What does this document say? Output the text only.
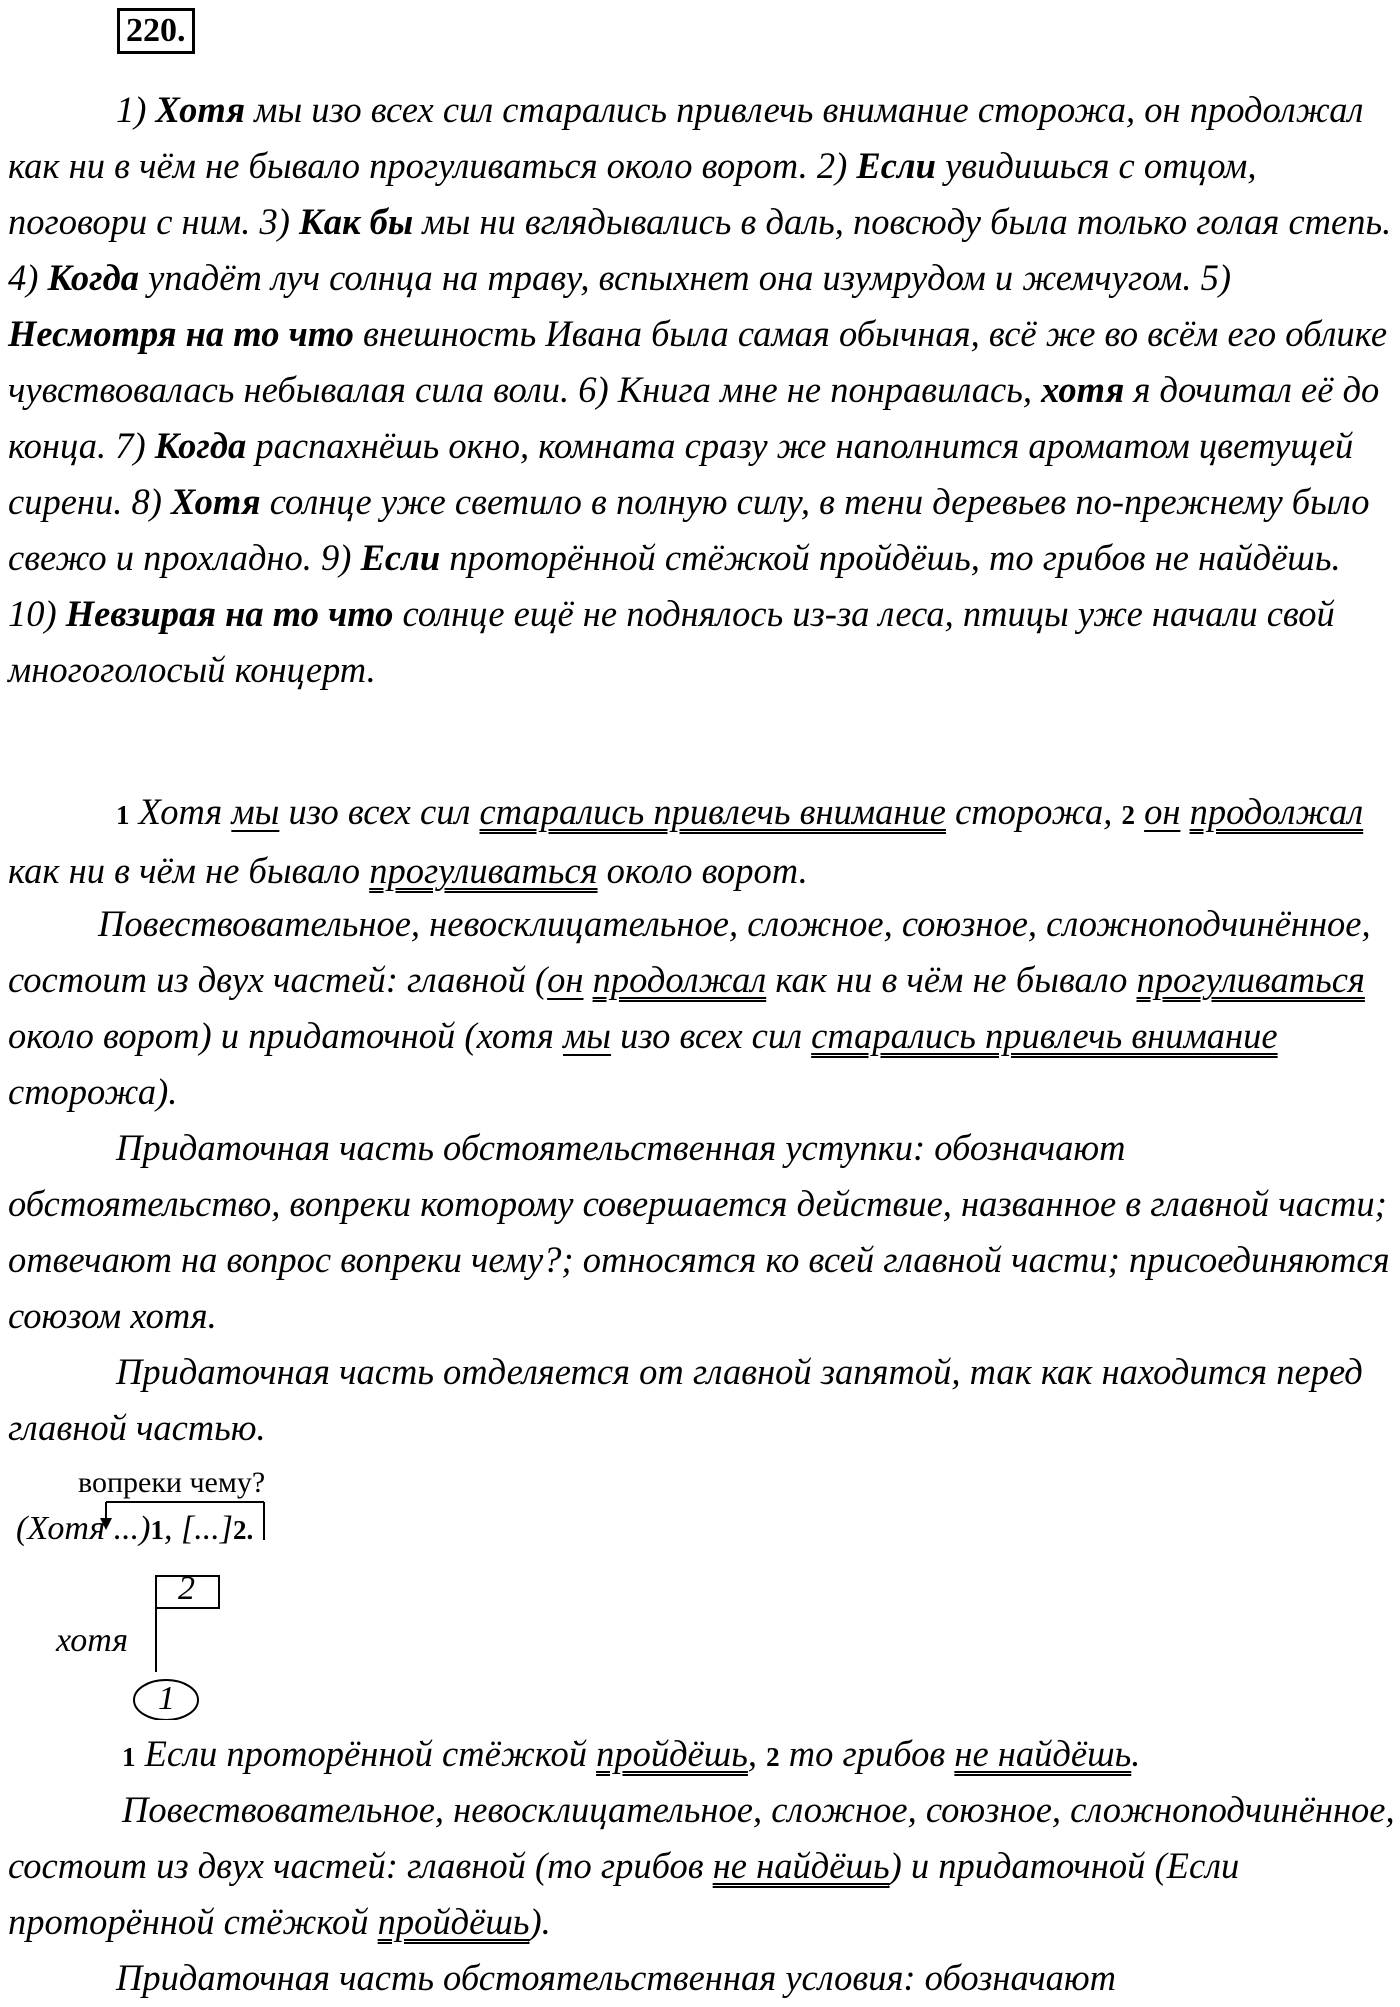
220.
1) Хотя мы изо всех сил старались привлечь внимание сторожа, он продолжал как ни в чём не бывало прогуливаться около ворот. 2) Если увидишься с отцом, поговори с ним. 3) Как бы мы ни вглядывались в даль, повсюду была только голая степь. 4) Когда упадёт луч солнца на траву, вспыхнет она изумрудом и жемчугом. 5) Несмотря на то что внешность Ивана была самая обычная, всё же во всём его облике чувствовалась небывалая сила воли. 6) Книга мне не понравилась, хотя я дочитал её до конца. 7) Когда распахнёшь окно, комната сразу же наполнится ароматом цветущей сирени. 8) Хотя солнце уже светило в полную силу, в тени деревьев по-прежнему было свежо и прохладно. 9) Если проторённой стёжкой пройдёшь, то грибов не найдёшь. 10) Невзирая на то что солнце ещё не поднялось из-за леса, птицы уже начали свой многоголосый концерт.
1 Хотя мы изо всех сил старались привлечь внимание сторожа, 2 он продолжал как ни в чём не бывало прогуливаться около ворот.
Повествовательное, невосклицательное, сложное, союзное, сложноподчинённое, состоит из двух частей: главной (он продолжал как ни в чём не бывало прогуливаться около ворот) и придаточной (хотя мы изо всех сил старались привлечь внимание сторожа).
Придаточная часть обстоятельственная уступки: обозначают обстоятельство, вопреки которому совершается действие, названное в главной части; отвечают на вопрос вопреки чему?; относятся ко всей главной части; присоединяются союзом хотя.
Придаточная часть отделяется от главной запятой, так как находится перед главной частью.
вопреки чему?
(Хотя ...)1, [...]2.
2
хотя
1
1 Если проторённой стёжкой пройдёшь, 2 то грибов не найдёшь.
Повествовательное, невосклицательное, сложное, союзное, сложноподчинённое, состоит из двух частей: главной (то грибов не найдёшь) и придаточной (Если проторённой стёжкой пройдёшь).
Придаточная часть обстоятельственная условия: обозначают
